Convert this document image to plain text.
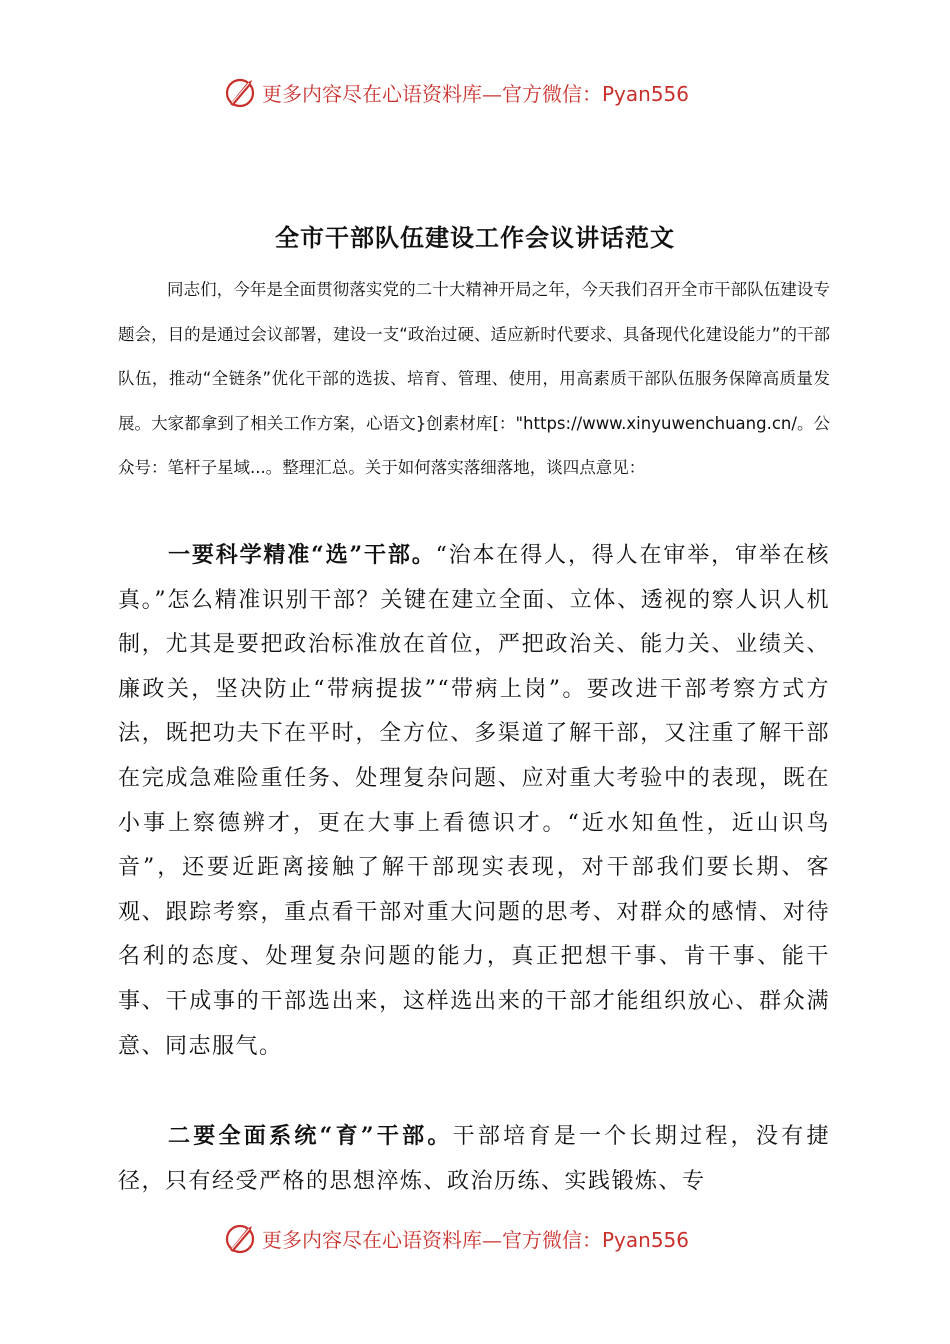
更多内容尽在心语资料库—官方微信：Pyan556
全市干部队伍建设工作会议讲话范文

同志们，今年是全面贯彻落实党的二十大精神开局之年，今天我们召开全市干部队伍建设专题会，目的是通过会议部署，建设一支“政治过硬、适应新时代要求、具备现代化建设能力”的干部队伍，推动“全链条”优化干部的选拔、培育、管理、使用，用高素质干部队伍服务保障高质量发展。大家都拿到了相关工作方案，心语文}创素材库[："https://www.xinyuwenchuang.cn/。公众号：笔杆子星域...。整理汇总。关于如何落实落细落地，谈四点意见：

一要科学精准“选”干部。“治本在得人，得人在审举，审举在核真。”怎么精准识别干部？关键在建立全面、立体、透视的察人识人机制，尤其是要把政治标准放在首位，严把政治关、能力关、业绩关、廉政关，坚决防止“带病提拔”“带病上岗”。要改进干部考察方式方法，既把功夫下在平时，全方位、多渠道了解干部，又注重了解干部在完成急难险重任务、处理复杂问题、应对重大考验中的表现，既在小事上察德辨才，更在大事上看德识才。“近水知鱼性，近山识鸟音”，还要近距离接触了解干部现实表现，对干部我们要长期、客观、跟踪考察，重点看干部对重大问题的思考、对群众的感情、对待名利的态度、处理复杂问题的能力，真正把想干事、肯干事、能干事、干成事的干部选出来，这样选出来的干部才能组织放心、群众满意、同志服气。

二要全面系统“育”干部。干部培育是一个长期过程，没有捷径，只有经受严格的思想淬炼、政治历练、实践锻炼、专

更多内容尽在心语资料库—官方微信：Pyan556
